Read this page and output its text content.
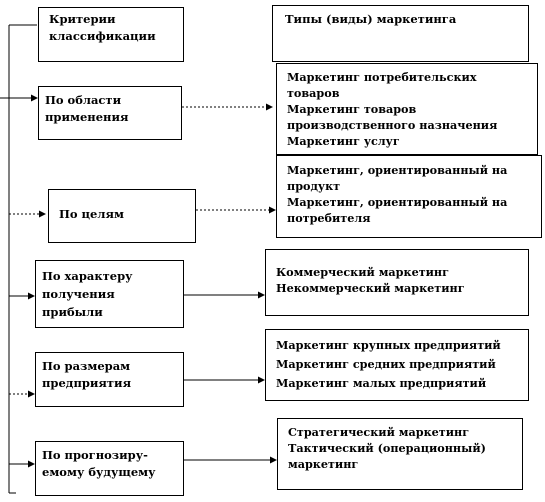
Критерии
классификации
Типы (виды) маркетинга
По области
применения
Маркетинг потребительских
товаров
Маркетинг товаров
производственного назначения
Маркетинг услуг
По целям
Маркетинг, ориентированный на
продукт
Маркетинг, ориентированный на
потребителя
По характеру
получения
прибыли
Коммерческий маркетинг
Некоммерческий маркетинг
По размерам
предприятия
Маркетинг крупных предприятий
Маркетинг средних предприятий
Маркетинг малых предприятий
По прогнозиру-
емому будущему
Стратегический маркетинг
Тактический (операционный)
маркетинг
